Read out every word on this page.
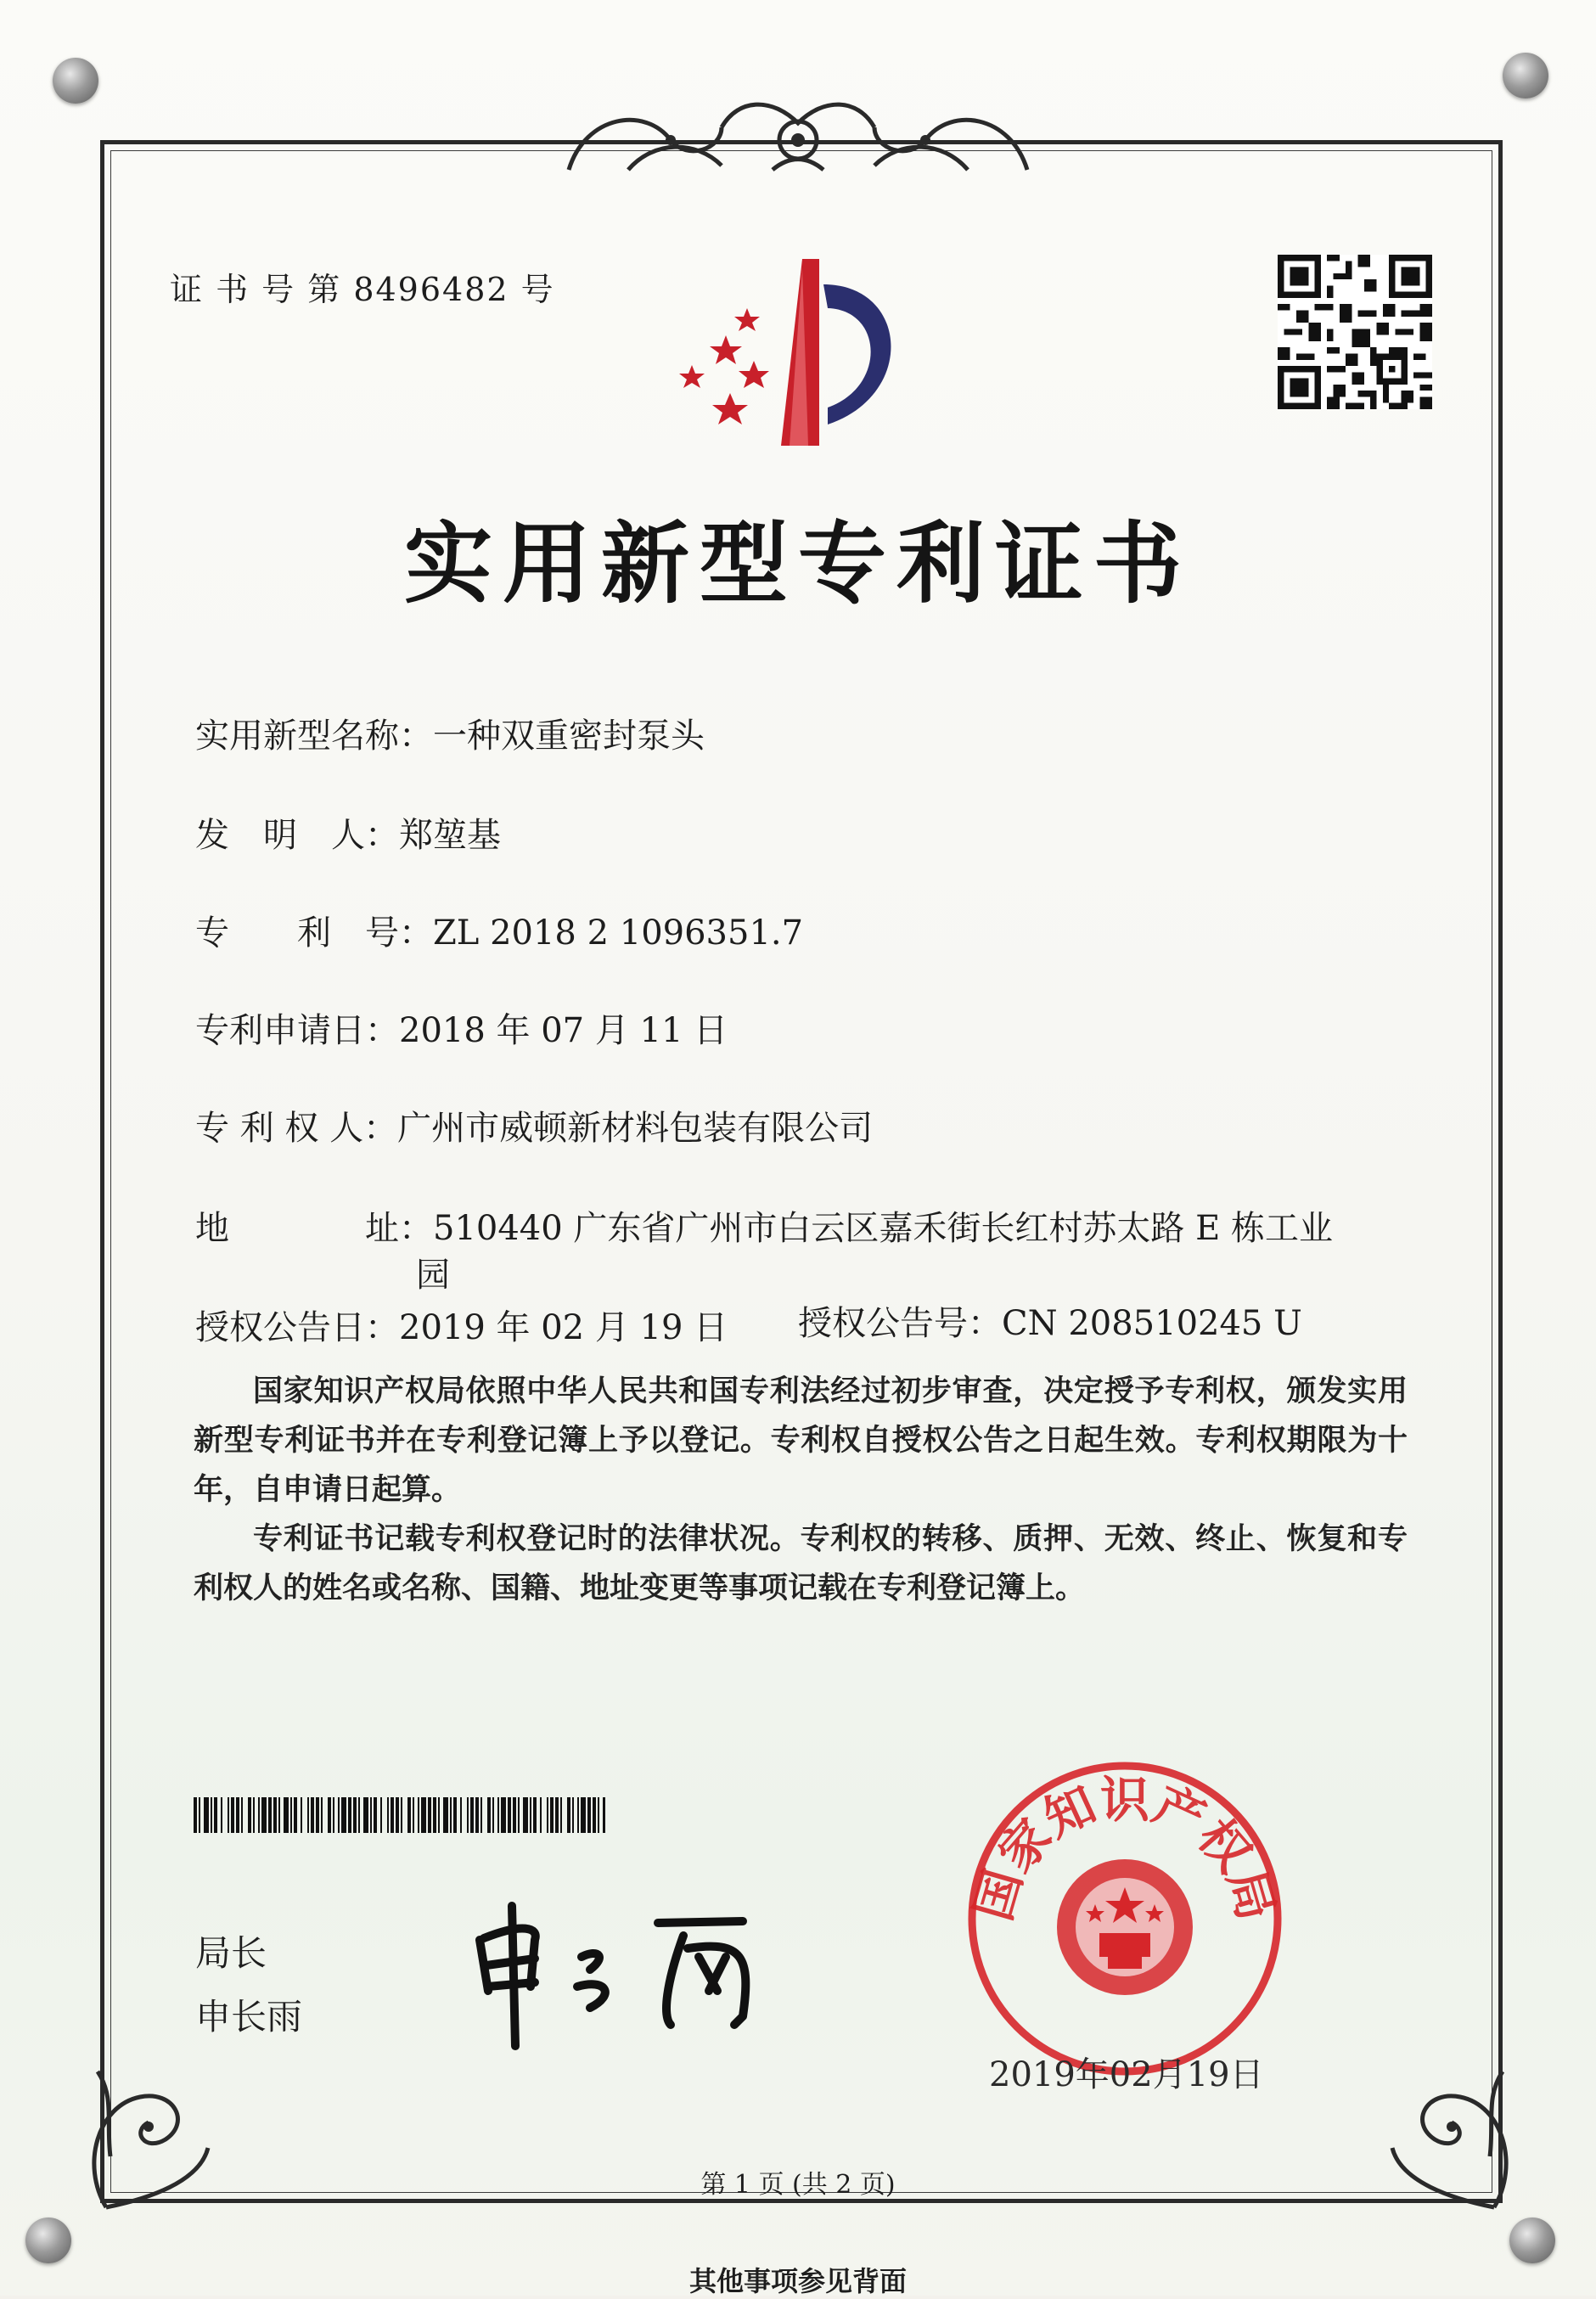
证 书 号 第 8496482 号
实用新型专利证书
实用新型名称：一种双重密封泵头
发　明　人：郑堃基
专　　利　号：ZL 2018 2 1096351.7
专利申请日：2018 年 07 月 11 日
专 利 权 人：广州市威顿新材料包装有限公司
地　　　　址：510440 广东省广州市白云区嘉禾街长红村苏太路 E 栋工业
园
授权公告日：2019 年 02 月 19 日 授权公告号：CN 208510245 U

国家知识产权局依照中华人民共和国专利法经过初步审查，决定授予专利权，颁发实用新型专利证书并在专利登记簿上予以登记。专利权自授权公告之日起生效。专利权期限为十年，自申请日起算。

专利证书记载专利权登记时的法律状况。专利权的转移、质押、无效、终止、恢复和专利权人的姓名或名称、国籍、地址变更等事项记载在专利登记簿上。

局长
申长雨
国家知识产权局
2019年02月19日
第 1 页 (共 2 页)
其他事项参见背面
